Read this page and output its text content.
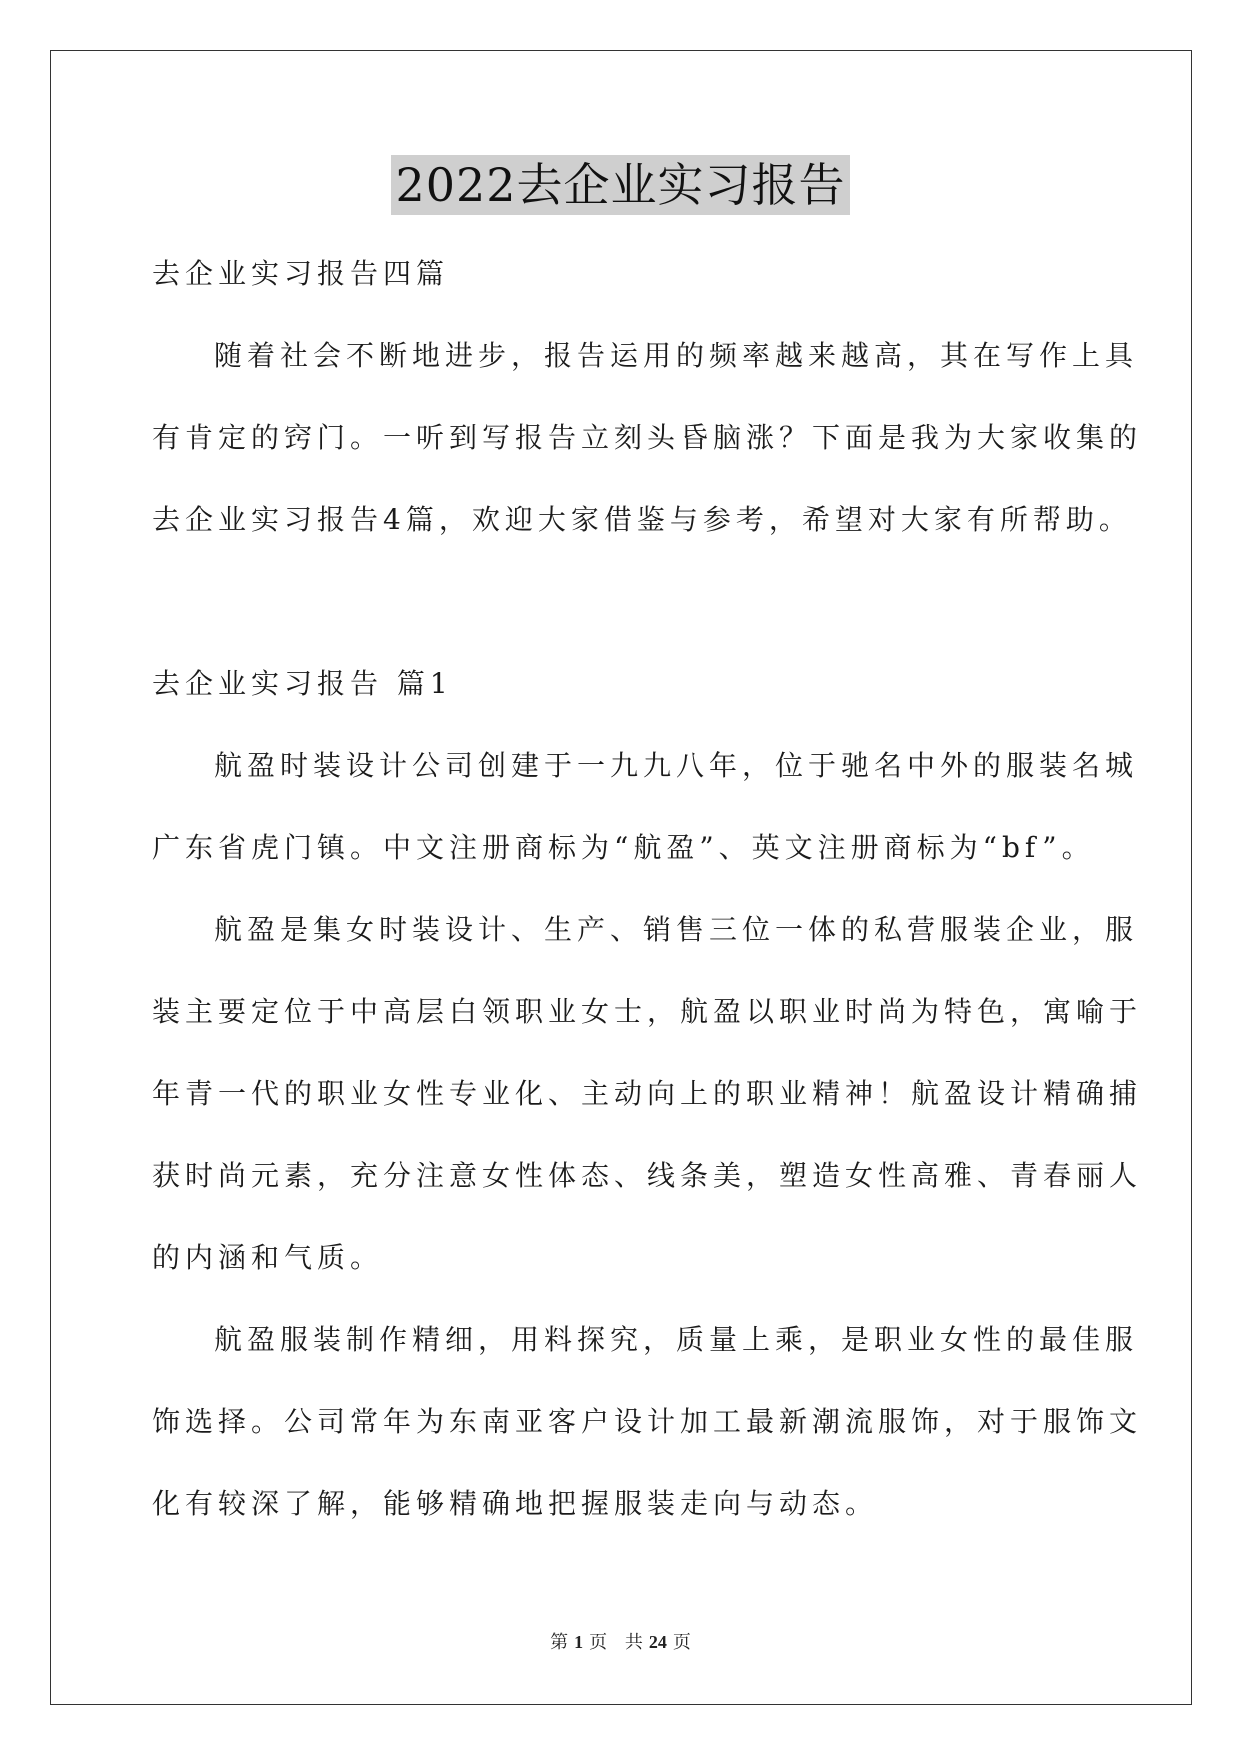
2022去企业实习报告

去企业实习报告四篇

随着社会不断地进步，报告运用的频率越来越高，其在写作上具

有肯定的窍门。一听到写报告立刻头昏脑涨？下面是我为大家收集的

去企业实习报告4篇，欢迎大家借鉴与参考，希望对大家有所帮助。

去企业实习报告 篇1

航盈时装设计公司创建于一九九八年，位于驰名中外的服装名城

广东省虎门镇。中文注册商标为“航盈”、英文注册商标为“bf”。

航盈是集女时装设计、生产、销售三位一体的私营服装企业，服

装主要定位于中高层白领职业女士，航盈以职业时尚为特色，寓喻于

年青一代的职业女性专业化、主动向上的职业精神！航盈设计精确捕

获时尚元素，充分注意女性体态、线条美，塑造女性高雅、青春丽人

的内涵和气质。

航盈服装制作精细，用料探究，质量上乘，是职业女性的最佳服

饰选择。公司常年为东南亚客户设计加工最新潮流服饰，对于服饰文

化有较深了解，能够精确地把握服装走向与动态。

第 1 页 共 24 页
